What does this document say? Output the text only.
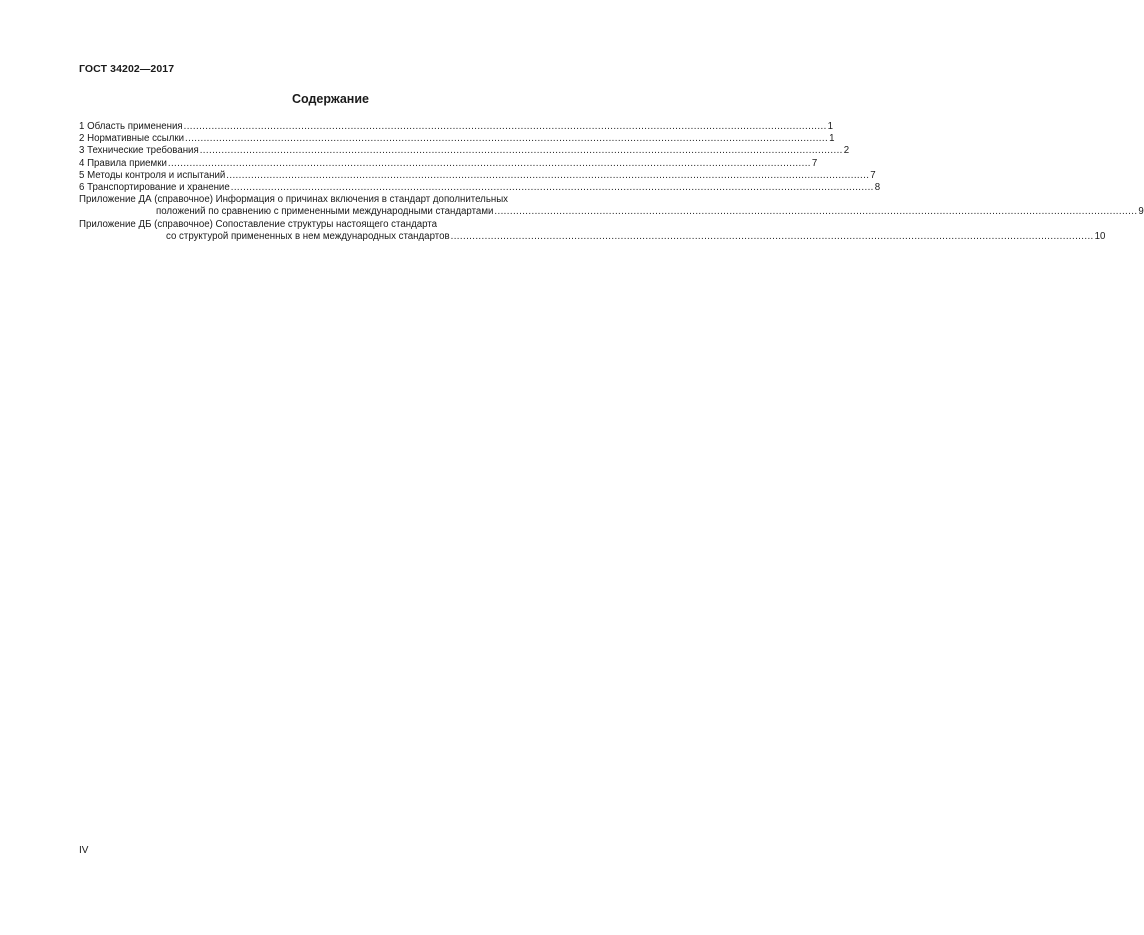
ГОСТ 34202—2017
Содержание
1 Область применения .....	1
2 Нормативные ссылки .....	1
3 Технические требования .....	2
4 Правила приемки .....	7
5 Методы контроля и испытаний .....	7
6 Транспортирование и хранение .....	8
Приложение ДА (справочное) Информация о причинах включения в стандарт дополнительных
положений по сравнению с примененными международными стандартами .....	9
Приложение ДБ (справочное) Сопоставление структуры настоящего стандарта
со структурой примененных в нем международных стандартов .....	10
IV
